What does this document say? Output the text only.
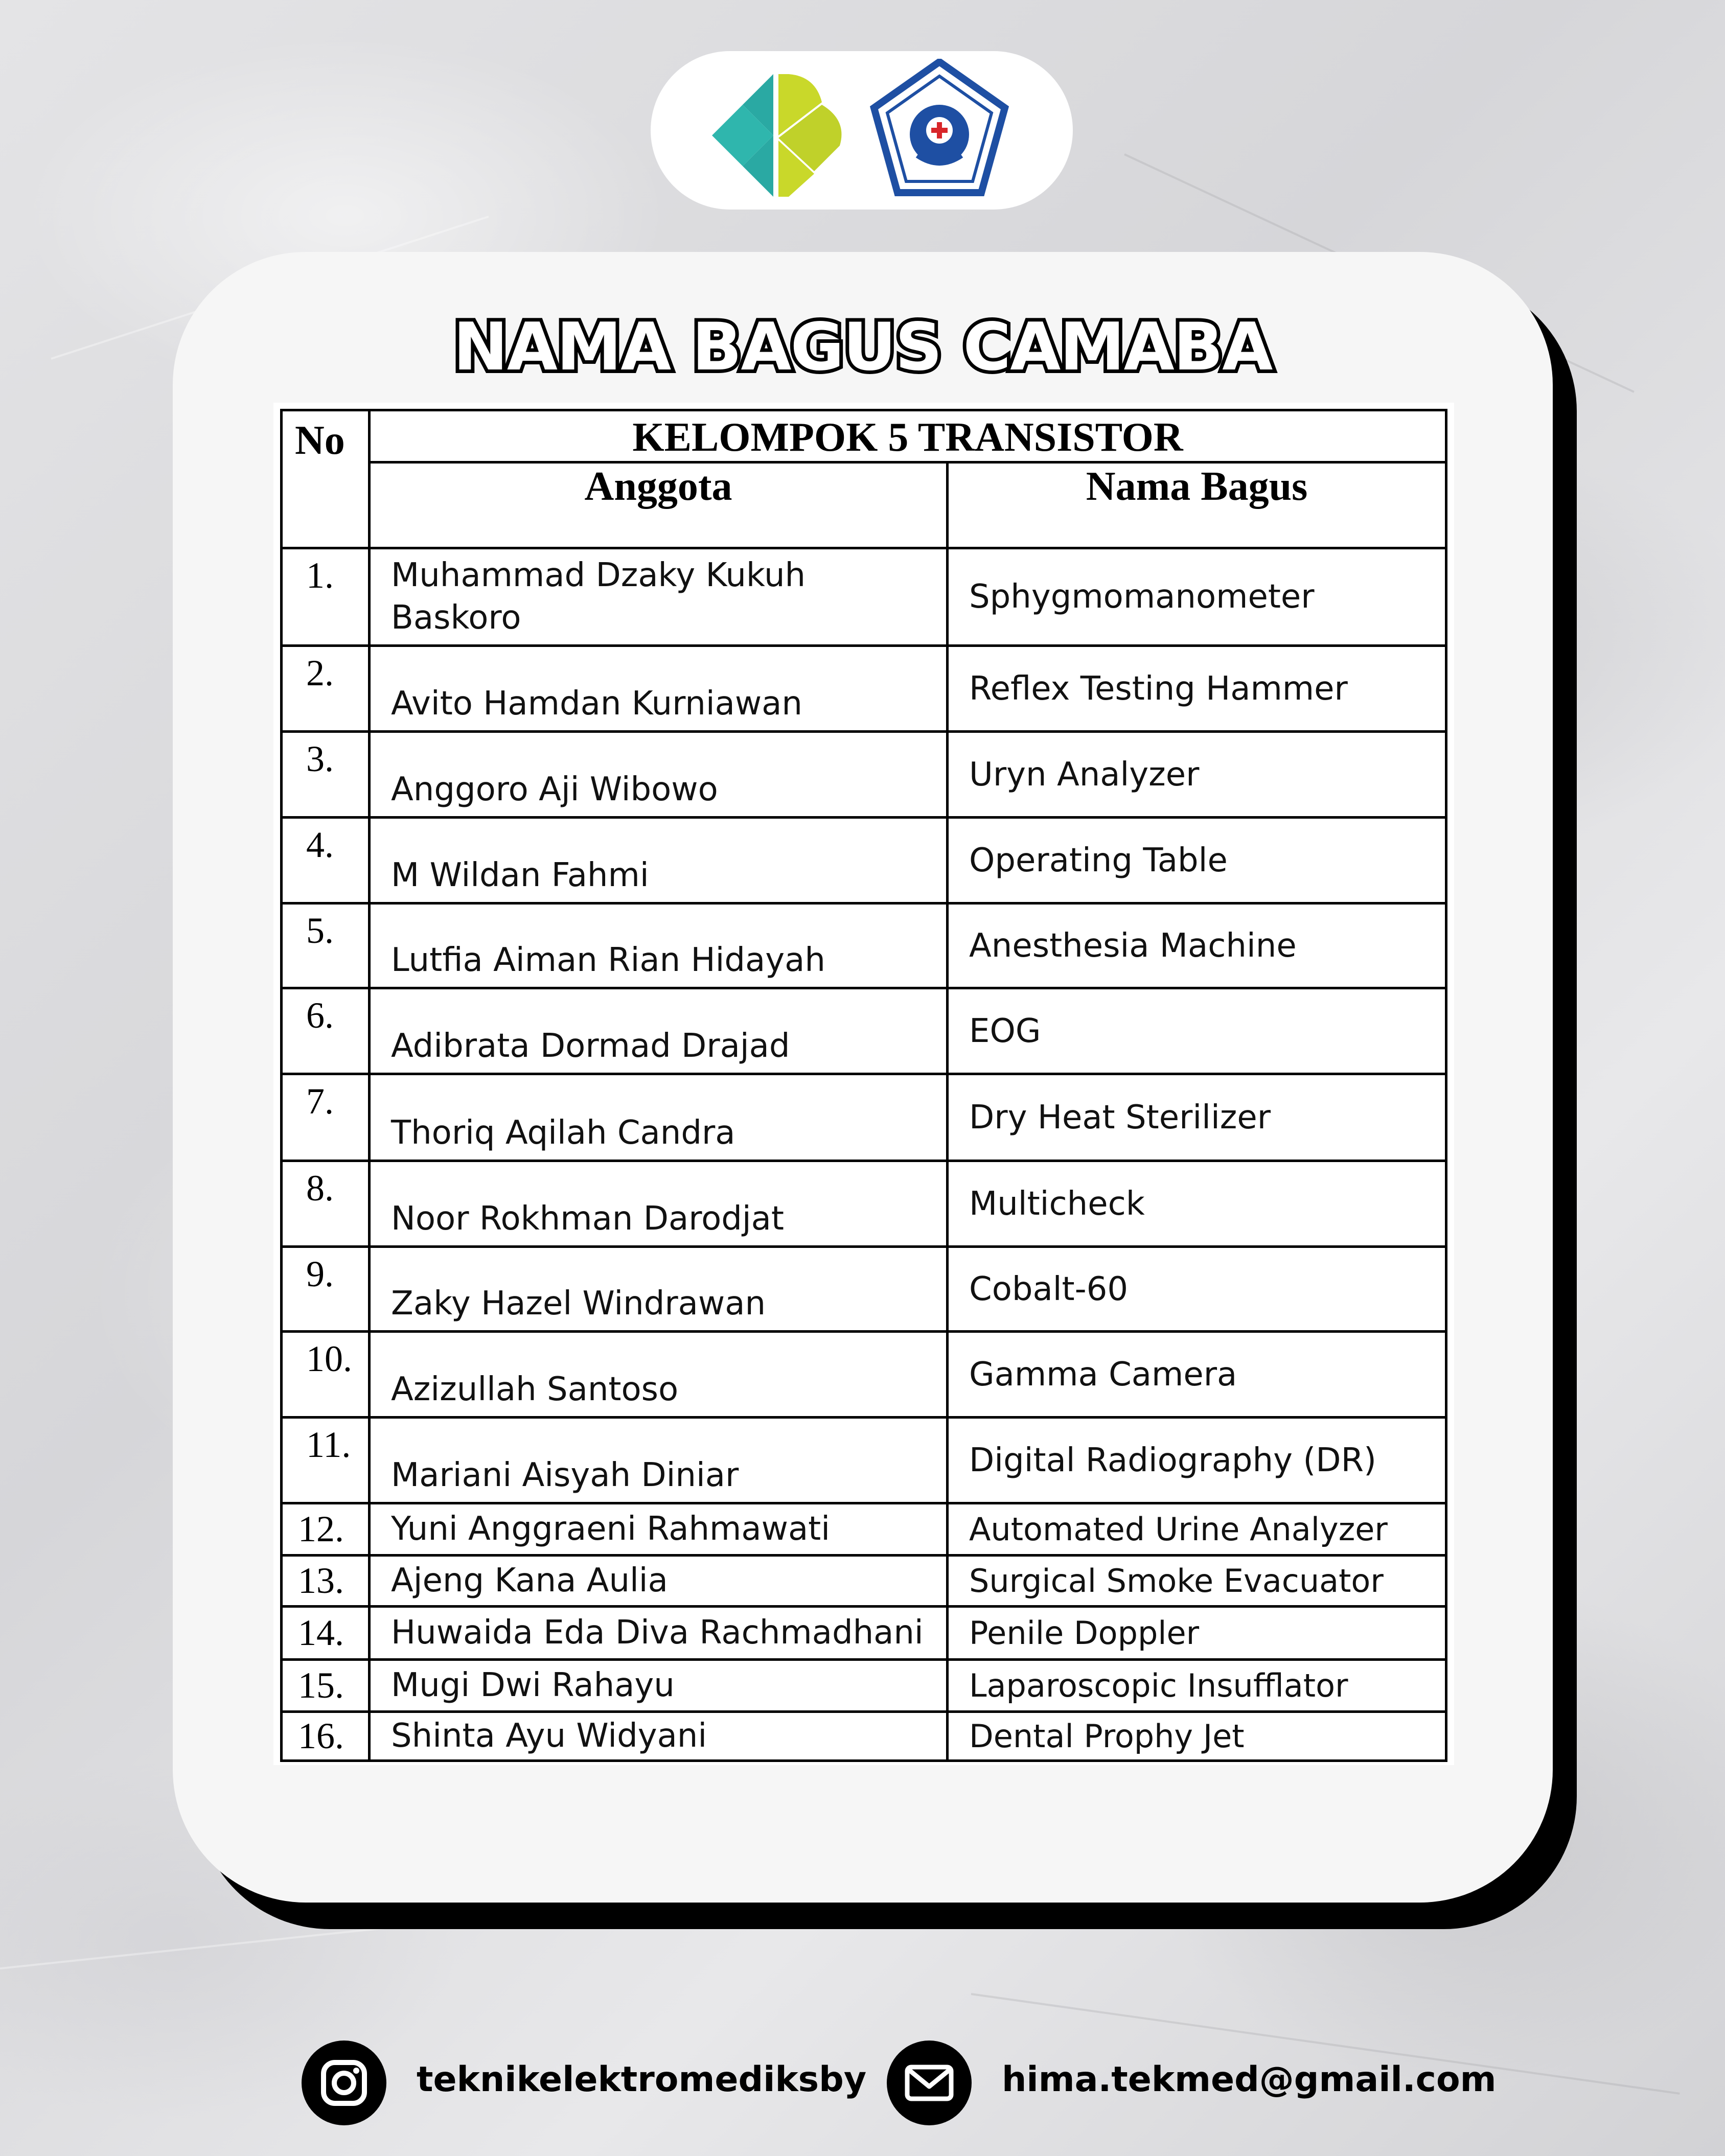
NAMA BAGUS CAMABA
No	KELOMPOK 5 TRANSISTOR	
	Anggota	Nama Bagus
1.	Muhammad Dzaky Kukuh Baskoro	Sphygmomanometer
2.	Avito Hamdan Kurniawan	Reflex Testing Hammer
3.	Anggoro Aji Wibowo	Uryn Analyzer
4.	M Wildan Fahmi	Operating Table
5.	Lutfia Aiman Rian Hidayah	Anesthesia Machine
6.	Adibrata Dormad Drajad	EOG
7.	Thoriq Aqilah Candra	Dry Heat Sterilizer
8.	Noor Rokhman Darodjat	Multicheck
9.	Zaky Hazel Windrawan	Cobalt-60
10.	Azizullah Santoso	Gamma Camera
11.	Mariani Aisyah Diniar	Digital Radiography (DR)
12.	Yuni Anggraeni Rahmawati	Automated Urine Analyzer
13.	Ajeng Kana Aulia	Surgical Smoke Evacuator
14.	Huwaida Eda Diva Rachmadhani	Penile Doppler
15.	Mugi Dwi Rahayu	Laparoscopic Insufflator
16.	Shinta Ayu Widyani	Dental Prophy Jet
teknikelektromediksby	hima.tekmed@gmail.com
